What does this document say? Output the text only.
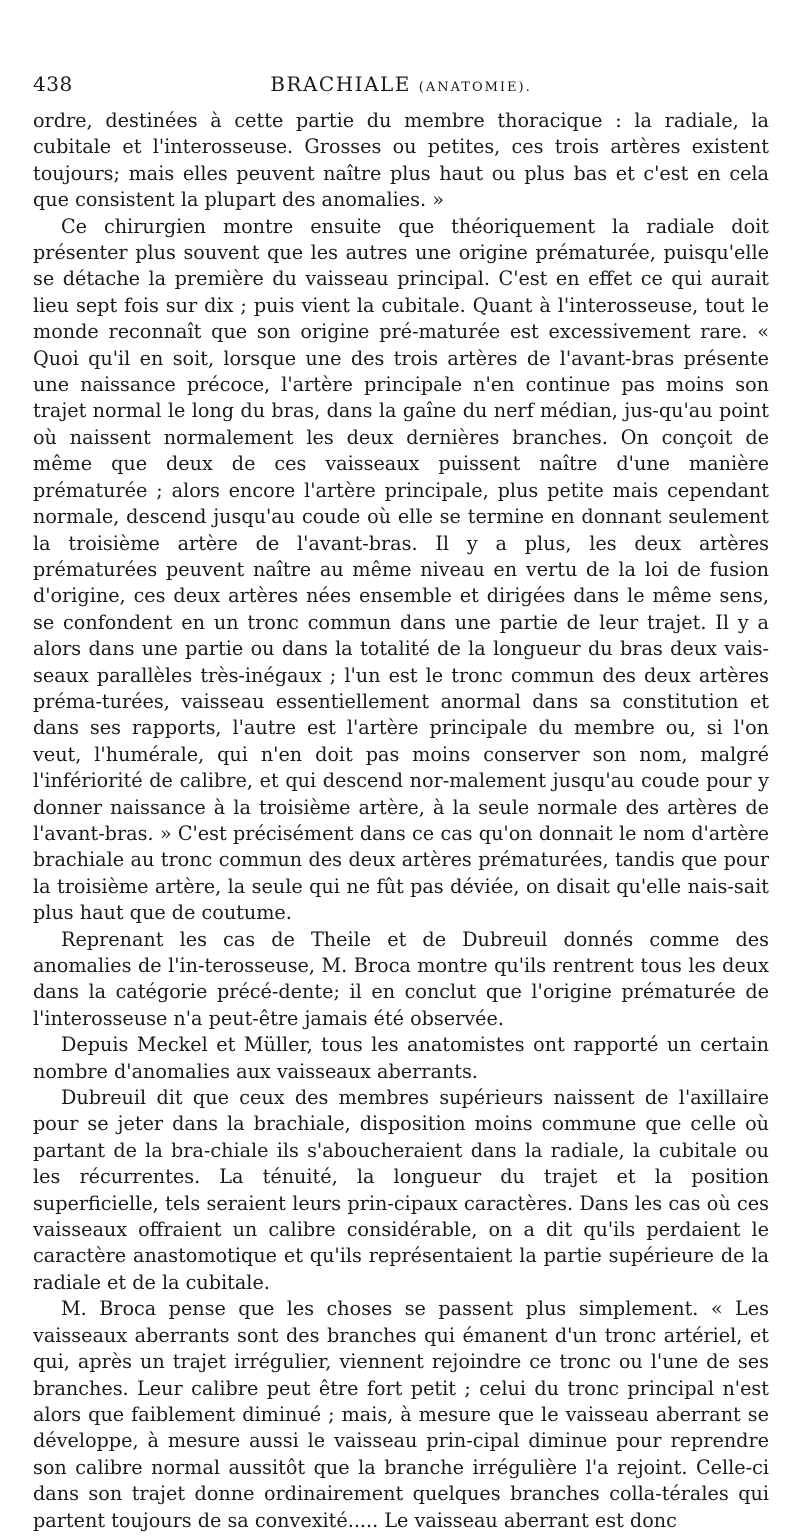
438	BRACHIALE (ANATOMIE).

ordre, destinées à cette partie du membre thoracique : la radiale, la cubitale et l'interosseuse. Grosses ou petites, ces trois artères existent toujours; mais elles peuvent naître plus haut ou plus bas et c'est en cela que consistent la plupart des anomalies. »

Ce chirurgien montre ensuite que théoriquement la radiale doit présenter plus souvent que les autres une origine prématurée, puisqu'elle se détache la première du vaisseau principal. C'est en effet ce qui aurait lieu sept fois sur dix ; puis vient la cubitale. Quant à l'interosseuse, tout le monde reconnaît que son origine pré-maturée est excessivement rare. « Quoi qu'il en soit, lorsque une des trois artères de l'avant-bras présente une naissance précoce, l'artère principale n'en continue pas moins son trajet normal le long du bras, dans la gaîne du nerf médian, jus-qu'au point où naissent normalement les deux dernières branches. On conçoit de même que deux de ces vaisseaux puissent naître d'une manière prématurée ; alors encore l'artère principale, plus petite mais cependant normale, descend jusqu'au coude où elle se termine en donnant seulement la troisième artère de l'avant-bras. Il y a plus, les deux artères prématurées peuvent naître au même niveau en vertu de la loi de fusion d'origine, ces deux artères nées ensemble et dirigées dans le même sens, se confondent en un tronc commun dans une partie de leur trajet. Il y a alors dans une partie ou dans la totalité de la longueur du bras deux vais-seaux parallèles très-inégaux ; l'un est le tronc commun des deux artères préma-turées, vaisseau essentiellement anormal dans sa constitution et dans ses rapports, l'autre est l'artère principale du membre ou, si l'on veut, l'humérale, qui n'en doit pas moins conserver son nom, malgré l'infériorité de calibre, et qui descend nor-malement jusqu'au coude pour y donner naissance à la troisième artère, à la seule normale des artères de l'avant-bras. » C'est précisément dans ce cas qu'on donnait le nom d'artère brachiale au tronc commun des deux artères prématurées, tandis que pour la troisième artère, la seule qui ne fût pas déviée, on disait qu'elle nais-sait plus haut que de coutume.

Reprenant les cas de Theile et de Dubreuil donnés comme des anomalies de l'in-terosseuse, M. Broca montre qu'ils rentrent tous les deux dans la catégorie précé-dente; il en conclut que l'origine prématurée de l'interosseuse n'a peut-être jamais été observée.

Depuis Meckel et Müller, tous les anatomistes ont rapporté un certain nombre d'anomalies aux vaisseaux aberrants.

Dubreuil dit que ceux des membres supérieurs naissent de l'axillaire pour se jeter dans la brachiale, disposition moins commune que celle où partant de la bra-chiale ils s'aboucheraient dans la radiale, la cubitale ou les récurrentes. La ténuité, la longueur du trajet et la position superficielle, tels seraient leurs prin-cipaux caractères. Dans les cas où ces vaisseaux offraient un calibre considérable, on a dit qu'ils perdaient le caractère anastomotique et qu'ils représentaient la partie supérieure de la radiale et de la cubitale.

M. Broca pense que les choses se passent plus simplement. « Les vaisseaux aberrants sont des branches qui émanent d'un tronc artériel, et qui, après un trajet irrégulier, viennent rejoindre ce tronc ou l'une de ses branches. Leur calibre peut être fort petit ; celui du tronc principal n'est alors que faiblement diminué ; mais, à mesure que le vaisseau aberrant se développe, à mesure aussi le vaisseau prin-cipal diminue pour reprendre son calibre normal aussitôt que la branche irrégulière l'a rejoint. Celle-ci dans son trajet donne ordinairement quelques branches colla-térales qui partent toujours de sa convexité..... Le vaisseau aberrant est donc
